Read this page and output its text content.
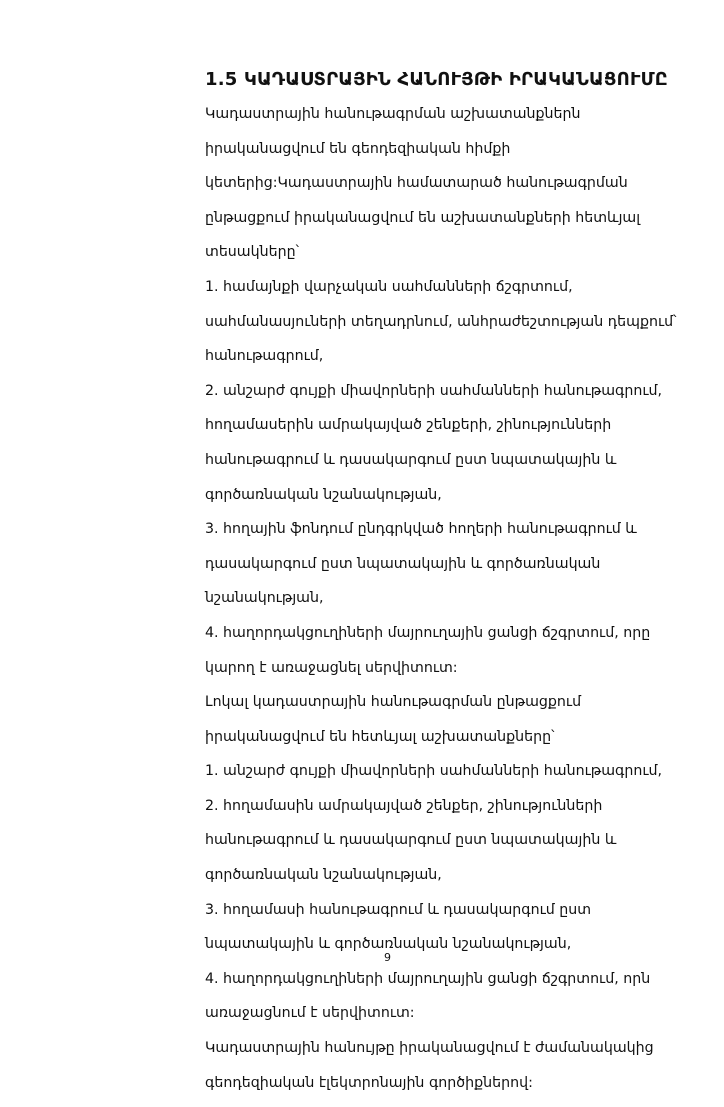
1.5 ԿԱԴԱՍՏՐԱՅԻՆ ՀԱՆՈՒՅԹԻ ԻՐԱԿԱՆԱՑՈՒՄԸ
Կադաստրային հանութագրման աշխատանքներն
իրականացվում են գեոդեզիական հիմքի
կետերից:Կադաստրային համատարած հանութագրման
ընթացքում իրականացվում են աշխատանքների հետևյալ
տեսակները՝
1. համայնքի վարչական սահմանների ճշգրտում,
սահմանասյուների տեղադրնում, անհրաժեշտության դեպքում՝
հանութագրում,
2. անշարժ գույքի միավորների սահմանների հանութագրում,
հողամասերին ամրակայված շենքերի, շինությունների
հանութագրում և դասակարգում ըստ նպատակային և
գործառնական նշանակության,
3. հողային ֆոնդում ընդգրկված հողերի հանութագրում և
դասակարգում ըստ նպատակային և գործառնական
նշանակության,
4. հաղորդակցուղիների մայրուղային ցանցի ճշգրտում, որը
կարող է առաջացնել սերվիտուտ:
Լոկալ կադաստրային հանութագրման ընթացքում
իրականացվում են հետևյալ աշխատանքները՝
1. անշարժ գույքի միավորների սահմանների հանութագրում,
2. հողամասին ամրակայված շենքեր, շինությունների
հանութագրում և դասակարգում ըստ նպատակային և
գործառնական նշանակության,
3. հողամասի հանութագրում և դասակարգում ըստ
նպատակային և գործառնական նշանակության,
4. հաղորդակցուղիների մայրուղային ցանցի ճշգրտում, որն
առաջացնում է սերվիտուտ:
Կադաստրային հանույթը իրականացվում է ժամանակակից
գեոդեզիական էլեկտրոնային գործիքներով:
9
